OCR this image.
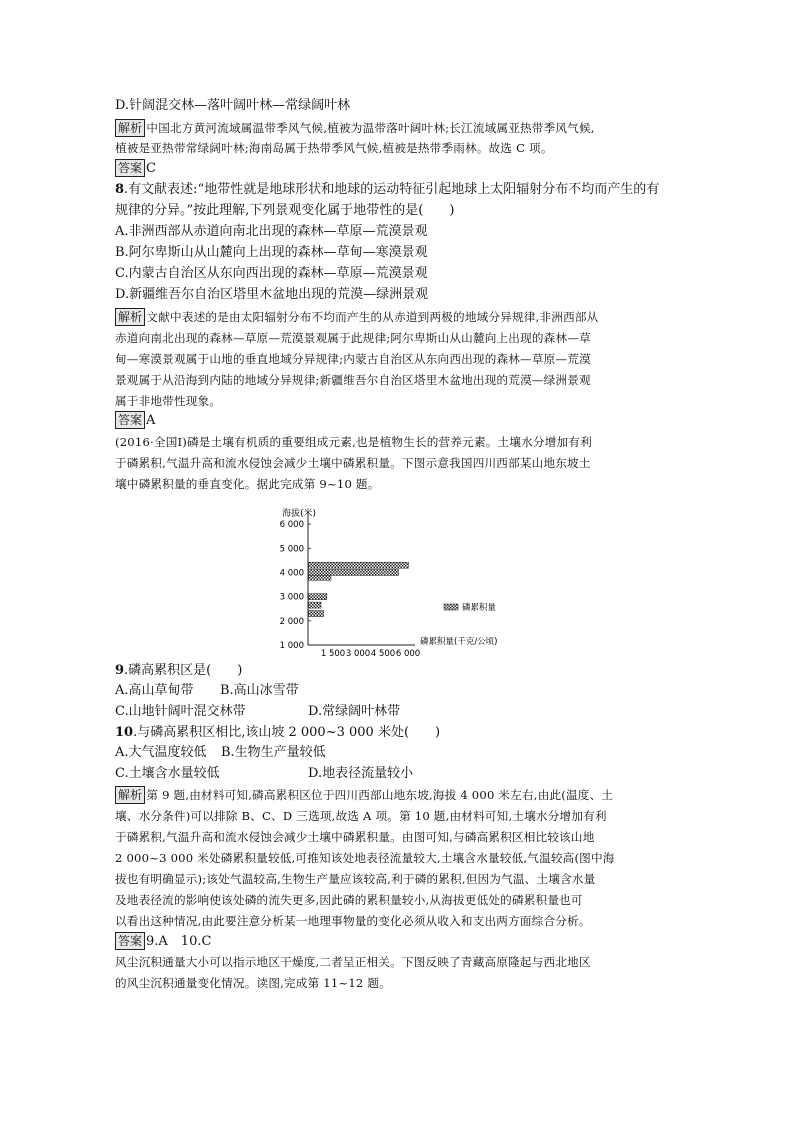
D.针阔混交林—落叶阔叶林—常绿阔叶林
解析 中国北方黄河流域属温带季风气候,植被为温带落叶阔叶林;长江流域属亚热带季风气候,
植被是亚热带常绿阔叶林;海南岛属于热带季风气候,植被是热带季雨林。故选 C 项。
答案 C
8.有文献表述:“地带性就是地球形状和地球的运动特征引起地球上太阳辐射分布不均而产生的有
规律的分异。”按此理解,下列景观变化属于地带性的是(　　)
A.非洲西部从赤道向南北出现的森林—草原—荒漠景观
B.阿尔卑斯山从山麓向上出现的森林—草甸—寒漠景观
C.内蒙古自治区从东向西出现的森林—草原—荒漠景观
D.新疆维吾尔自治区塔里木盆地出现的荒漠—绿洲景观
解析 文献中表述的是由太阳辐射分布不均而产生的从赤道到两极的地域分异规律,非洲西部从
赤道向南北出现的森林—草原—荒漠景观属于此规律;阿尔卑斯山从山麓向上出现的森林—草
甸—寒漠景观属于山地的垂直地域分异规律;内蒙古自治区从东向西出现的森林—草原—荒漠
景观属于从沿海到内陆的地域分异规律;新疆维吾尔自治区塔里木盆地出现的荒漠—绿洲景观
属于非地带性现象。
答案 A
(2016·全国Ⅰ)磷是土壤有机质的重要组成元素,也是植物生长的营养元素。土壤水分增加有利
于磷累积,气温升高和流水侵蚀会减少土壤中磷累积量。下图示意我国四川西部某山地东坡土
壤中磷累积量的垂直变化。据此完成第 9~10 题。
海拔(米)
1 000
2 000
3 000
4 000
5 000
6 000
1 500 3 000 4 500 6 000
磷累积量
磷累积量(千克/公顷)
9.磷高累积区是(　　)
A.高山草甸带 B.高山冰雪带
C.山地针阔叶混交林带	D.常绿阔叶林带
10.与磷高累积区相比,该山坡 2 000~3 000 米处(　　)
A.大气温度较低 B.生物生产量较低
C.土壤含水量较低	D.地表径流量较小
解析 第 9 题,由材料可知,磷高累积区位于四川西部山地东坡,海拔 4 000 米左右,由此(温度、土
壤、水分条件)可以排除 B、C、D 三选项,故选 A 项。第 10 题,由材料可知,土壤水分增加有利
于磷累积,气温升高和流水侵蚀会减少土壤中磷累积量。由图可知,与磷高累积区相比较该山地
2 000~3 000 米处磷累积量较低,可推知该处地表径流量较大,土壤含水量较低,气温较高(图中海
拔也有明确显示);该处气温较高,生物生产量应该较高,利于磷的累积,但因为气温、土壤含水量
及地表径流的影响使该处磷的流失更多,因此磷的累积量较小,从海拔更低处的磷累积量也可
以看出这种情况,由此要注意分析某一地理事物量的变化必须从收入和支出两方面综合分析。
答案 9.A　10.C
风尘沉积通量大小可以指示地区干燥度,二者呈正相关。下图反映了青藏高原隆起与西北地区
的风尘沉积通量变化情况。读图,完成第 11~12 题。
